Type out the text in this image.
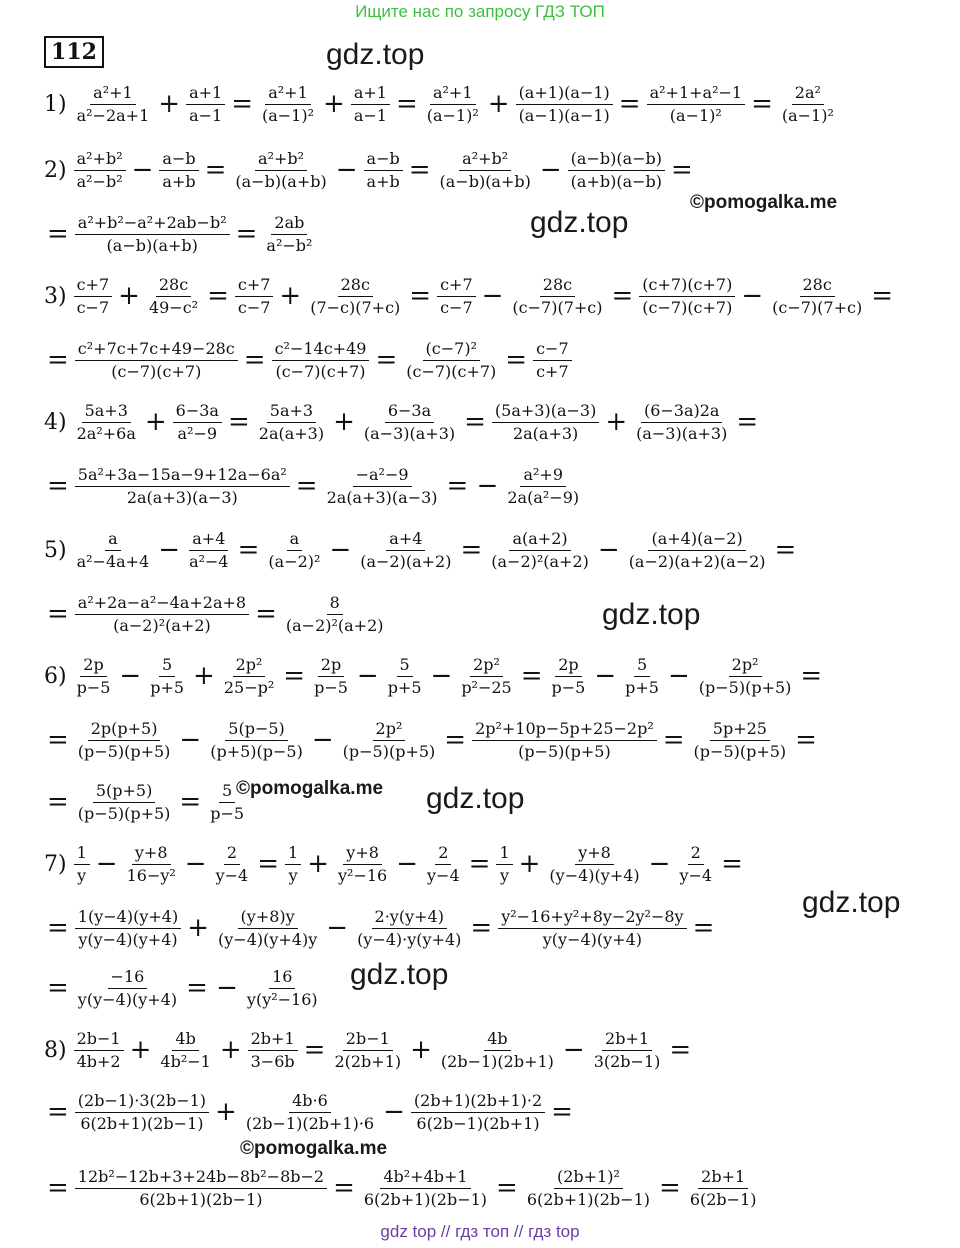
Ищите нас по запросу ГДЗ ТОП
112	gdz.top
©pomogalka.me
gdz.top
gdz.top
©pomogalka.me gdz.top
gdz.top
gdz.top
©pomogalka.me
$1) \frac{\text{a²+1}}{\text{a²−2a+1}} + \frac{a+1}{a-1} = \frac{\text{a²+1}}{\text{(a−1)²}} + \frac{a+1}{a-1} = \frac{\text{a²+1}}{\text{(a−1)²}} + \frac{(a+1)(a-1)}{(a-1)(a-1)} = \frac{\text{a²+1+a²−1}}{\text{(a−1)²}} = \frac{\text{2a²}}{\text{(a−1)²}}$
$2) \frac{\text{a²+b²}}{\text{a²−b²}} - \frac{a-b}{a+b} = \frac{\text{a²+b²}}{(a-b)(a+b)} - \frac{a-b}{a+b} = \frac{\text{a²+b²}}{(a-b)(a+b)} - \frac{(a-b)(a-b)}{(a+b)(a-b)}$ =
= $\frac{\text{a²+b²−a²+2ab−b²}}{(a-b)(a+b)} = \frac{2ab}{\text{a²−b²}}$
$3) \frac{c+7}{c-7} + \frac{28c}{\text{49−c²}} = \frac{c+7}{c-7} + \frac{28c}{(7-c)(7+c)} = \frac{c+7}{c-7} - \frac{28c}{(c-7)(7+c)} = \frac{(c+7)(c+7)}{(c-7)(c+7)} - \frac{28c}{(c-7)(7+c)}$ =
= $\frac{\text{c²+7c+7c+49−28c}}{(c-7)(c+7)} = \frac{\text{c²−14c+49}}{(c-7)(c+7)} = \frac{\text{(c−7)²}}{(c-7)(c+7)} = \frac{c-7}{c+7}$
$4) \frac{5a+3}{\text{2a²+6a}} + \frac{6-3a}{\text{a²−9}} = \frac{5a+3}{2a(a+3)} + \frac{6-3a}{(a-3)(a+3)} = \frac{(5a+3)(a-3)}{2a(a+3)} + \frac{(6-3a)2a}{(a-3)(a+3)}$ =
= $\frac{\text{5a²+3a−15a−9+12a−6a²}}{2a(a+3)(a-3)} = \frac{\text{−a²−9}}{2a(a+3)(a-3)}$ = − $\frac{\text{a²+9}}{\text{2a(a²−9)}}$
$5) \frac{a}{\text{a²−4a+4}} - \frac{a+4}{\text{a²−4}} = \frac{a}{\text{(a−2)²}} - \frac{a+4}{(a-2)(a+2)} = \frac{a(a+2)}{\text{(a−2)²(a+2)}} - \frac{(a+4)(a-2)}{(a-2)(a+2)(a-2)}$ =
= $\frac{\text{a²+2a−a²−4a+2a+8}}{\text{(a−2)²(a+2)}} = \frac{8}{\text{(a−2)²(a+2)}}$
$6) \frac{2p}{p-5} - \frac{5}{p+5} + \frac{\text{2p²}}{\text{25−p²}} = \frac{2p}{p-5} - \frac{5}{p+5} - \frac{\text{2p²}}{\text{p²−25}} = \frac{2p}{p-5} - \frac{5}{p+5} - \frac{\text{2p²}}{(p-5)(p+5)}$ =
= $\frac{2p(p+5)}{(p-5)(p+5)} - \frac{5(p-5)}{(p+5)(p-5)} - \frac{\text{2p²}}{(p-5)(p+5)} = \frac{\text{2p²+10p−5p+25−2p²}}{(p-5)(p+5)} = \frac{5p+25}{(p-5)(p+5)}$ =
= $\frac{5(p+5)}{(p-5)(p+5)} = \frac{5}{p-5}$
$7) \frac{1}{y} - \frac{y+8}{\text{16−y²}} - \frac{2}{y-4} = \frac{1}{y} + \frac{y+8}{\text{y²−16}} - \frac{2}{y-4} = \frac{1}{y} + \frac{y+8}{(y-4)(y+4)} - \frac{2}{y-4}$ =
= $\frac{1(y-4)(y+4)}{y(y-4)(y+4)} + \frac{(y+8)y}{(y-4)(y+4)y} - \frac{2\cdot y(y+4)}{(y-4)\cdot y(y+4)} = \frac{\text{y²−16+y²+8y−2y²−8y}}{y(y-4)(y+4)}$ =
= $\frac{-16}{y(y-4)(y+4)}$ = − $\frac{16}{\text{y(y²−16)}}$
$8) \frac{2b-1}{4b+2} + \frac{4b}{\text{4b²−1}} + \frac{2b+1}{3-6b} = \frac{2b-1}{2(2b+1)} + \frac{4b}{(2b-1)(2b+1)} - \frac{2b+1}{3(2b-1)}$ =
= $\frac{(2b-1)\cdot 3(2b-1)}{6(2b+1)(2b-1)} + \frac{4b\cdot 6}{(2b-1)(2b+1)\cdot 6} - \frac{(2b+1)(2b+1)\cdot 2}{6(2b-1)(2b+1)}$ =
= $\frac{\text{12b²−12b+3+24b−8b²−8b−2}}{6(2b+1)(2b-1)} = \frac{\text{4b²+4b+1}}{6(2b+1)(2b-1)} = \frac{\text{(2b+1)²}}{6(2b+1)(2b-1)} = \frac{2b+1}{6(2b-1)}$
gdz top // гдз топ // гдз top
